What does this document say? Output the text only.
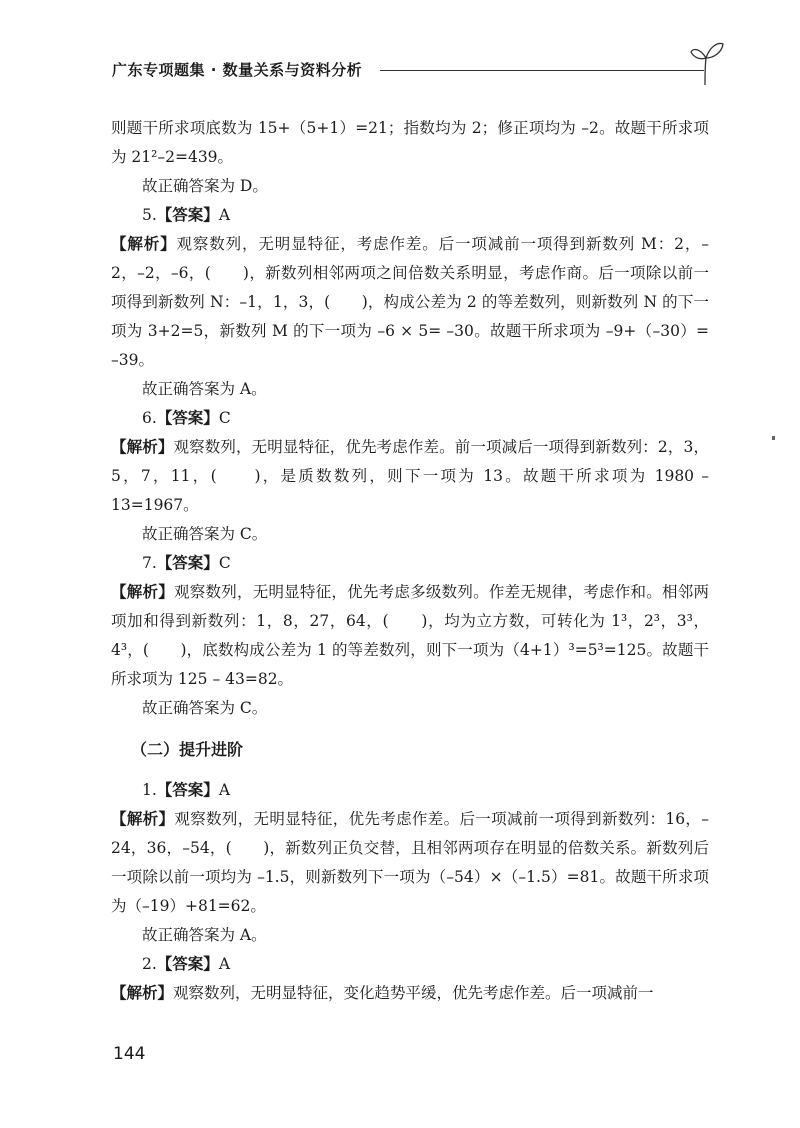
广东专项题集 · 数量关系与资料分析

则题干所求项底数为 15+（5+1）=21；指数均为 2；修正项均为 –2。故题干所求项为 21²–2=439。

故正确答案为 D。

5.【答案】A

【解析】观察数列，无明显特征，考虑作差。后一项减前一项得到新数列 M：2，–2，–2，–6，(　　)，新数列相邻两项之间倍数关系明显，考虑作商。后一项除以前一项得到新数列 N：–1，1，3，(　　)，构成公差为 2 的等差数列，则新数列 N 的下一项为 3+2=5，新数列 M 的下一项为 –6 × 5= –30。故题干所求项为 –9+（–30）= –39。

故正确答案为 A。

6.【答案】C

【解析】观察数列，无明显特征，优先考虑作差。前一项减后一项得到新数列：2，3，5，7，11，(　　)，是质数数列，则下一项为 13。故题干所求项为 1980 –13=1967。

故正确答案为 C。

7.【答案】C

【解析】观察数列，无明显特征，优先考虑多级数列。作差无规律，考虑作和。相邻两项加和得到新数列：1，8，27，64，(　　)，均为立方数，可转化为 1³，2³，3³，4³，(　　)，底数构成公差为 1 的等差数列，则下一项为（4+1）³=5³=125。故题干所求项为 125 – 43=82。

故正确答案为 C。

（二）提升进阶

1.【答案】A

【解析】观察数列，无明显特征，优先考虑作差。后一项减前一项得到新数列：16，–24，36，–54，(　　)，新数列正负交替，且相邻两项存在明显的倍数关系。新数列后一项除以前一项均为 –1.5，则新数列下一项为（–54）×（–1.5）=81。故题干所求项为（–19）+81=62。

故正确答案为 A。

2.【答案】A

【解析】观察数列，无明显特征，变化趋势平缓，优先考虑作差。后一项减前一

144
